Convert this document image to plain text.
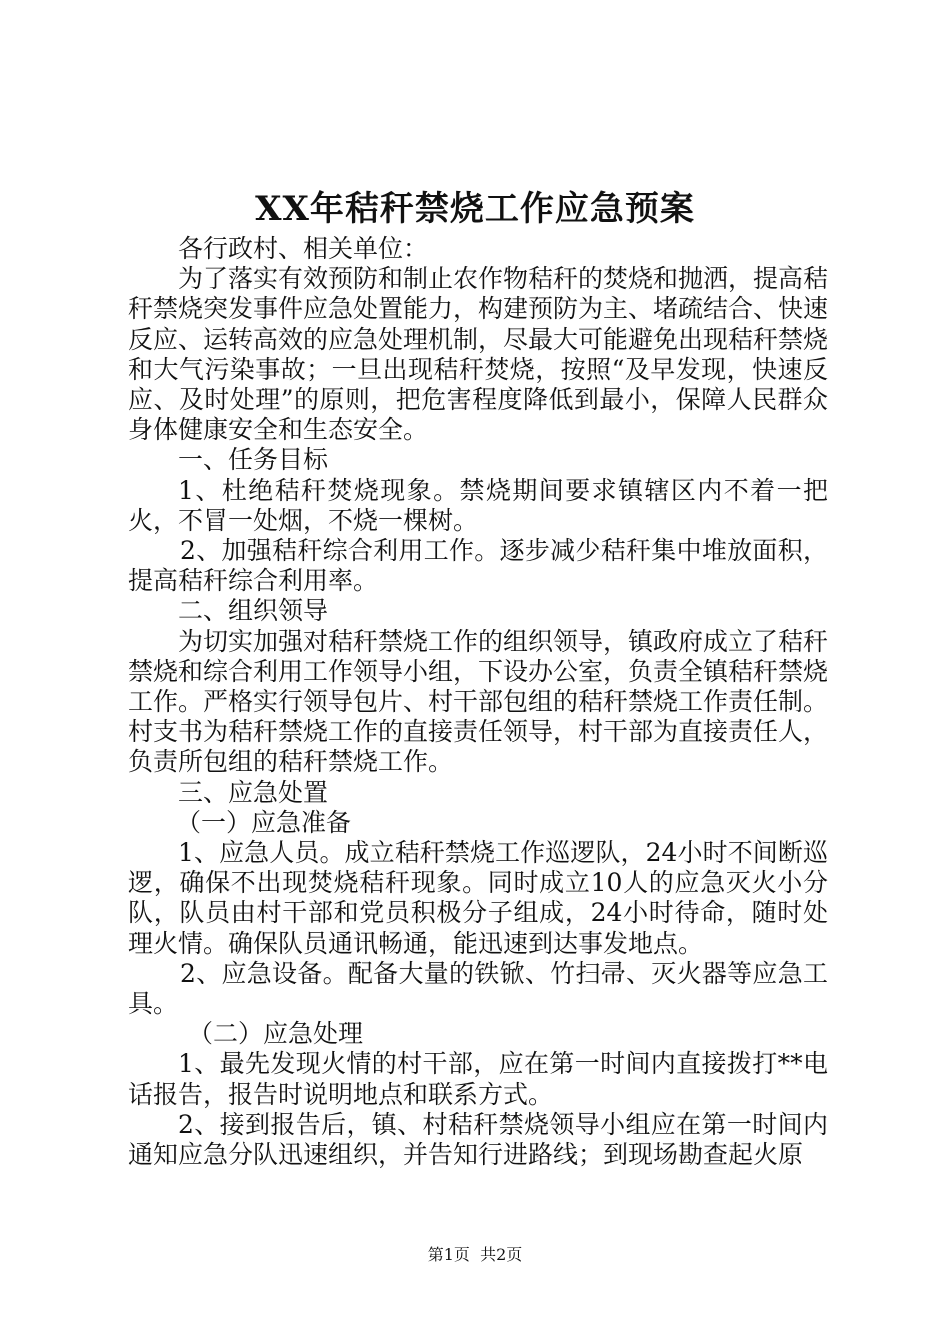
XX年秸秆禁烧工作应急预案

各行政村、相关单位：

为了落实有效预防和制止农作物秸秆的焚烧和抛洒，提高秸秆禁烧突发事件应急处置能力，构建预防为主、堵疏结合、快速反应、运转高效的应急处理机制，尽最大可能避免出现秸秆禁烧和大气污染事故；一旦出现秸秆焚烧，按照“及早发现，快速反应、及时处理”的原则，把危害程度降低到最小，保障人民群众身体健康安全和生态安全。

一、任务目标

1、杜绝秸秆焚烧现象。禁烧期间要求镇辖区内不着一把火，不冒一处烟，不烧一棵树。

2、加强秸秆综合利用工作。逐步减少秸秆集中堆放面积，提高秸秆综合利用率。

二、组织领导

为切实加强对秸秆禁烧工作的组织领导，镇政府成立了秸秆禁烧和综合利用工作领导小组，下设办公室，负责全镇秸秆禁烧工作。严格实行领导包片、村干部包组的秸秆禁烧工作责任制。村支书为秸秆禁烧工作的直接责任领导，村干部为直接责任人，负责所包组的秸秆禁烧工作。

三、应急处置

（一）应急准备

1、应急人员。成立秸秆禁烧工作巡逻队，24小时不间断巡逻，确保不出现焚烧秸秆现象。同时成立10人的应急灭火小分队，队员由村干部和党员积极分子组成，24小时待命，随时处理火情。确保队员通讯畅通，能迅速到达事发地点。

2、应急设备。配备大量的铁锨、竹扫帚、灭火器等应急工具。

（二）应急处理

1、最先发现火情的村干部，应在第一时间内直接拨打**电话报告，报告时说明地点和联系方式。

2、接到报告后，镇、村秸秆禁烧领导小组应在第一时间内通知应急分队迅速组织，并告知行进路线；到现场勘查起火原

第1页  共2页
